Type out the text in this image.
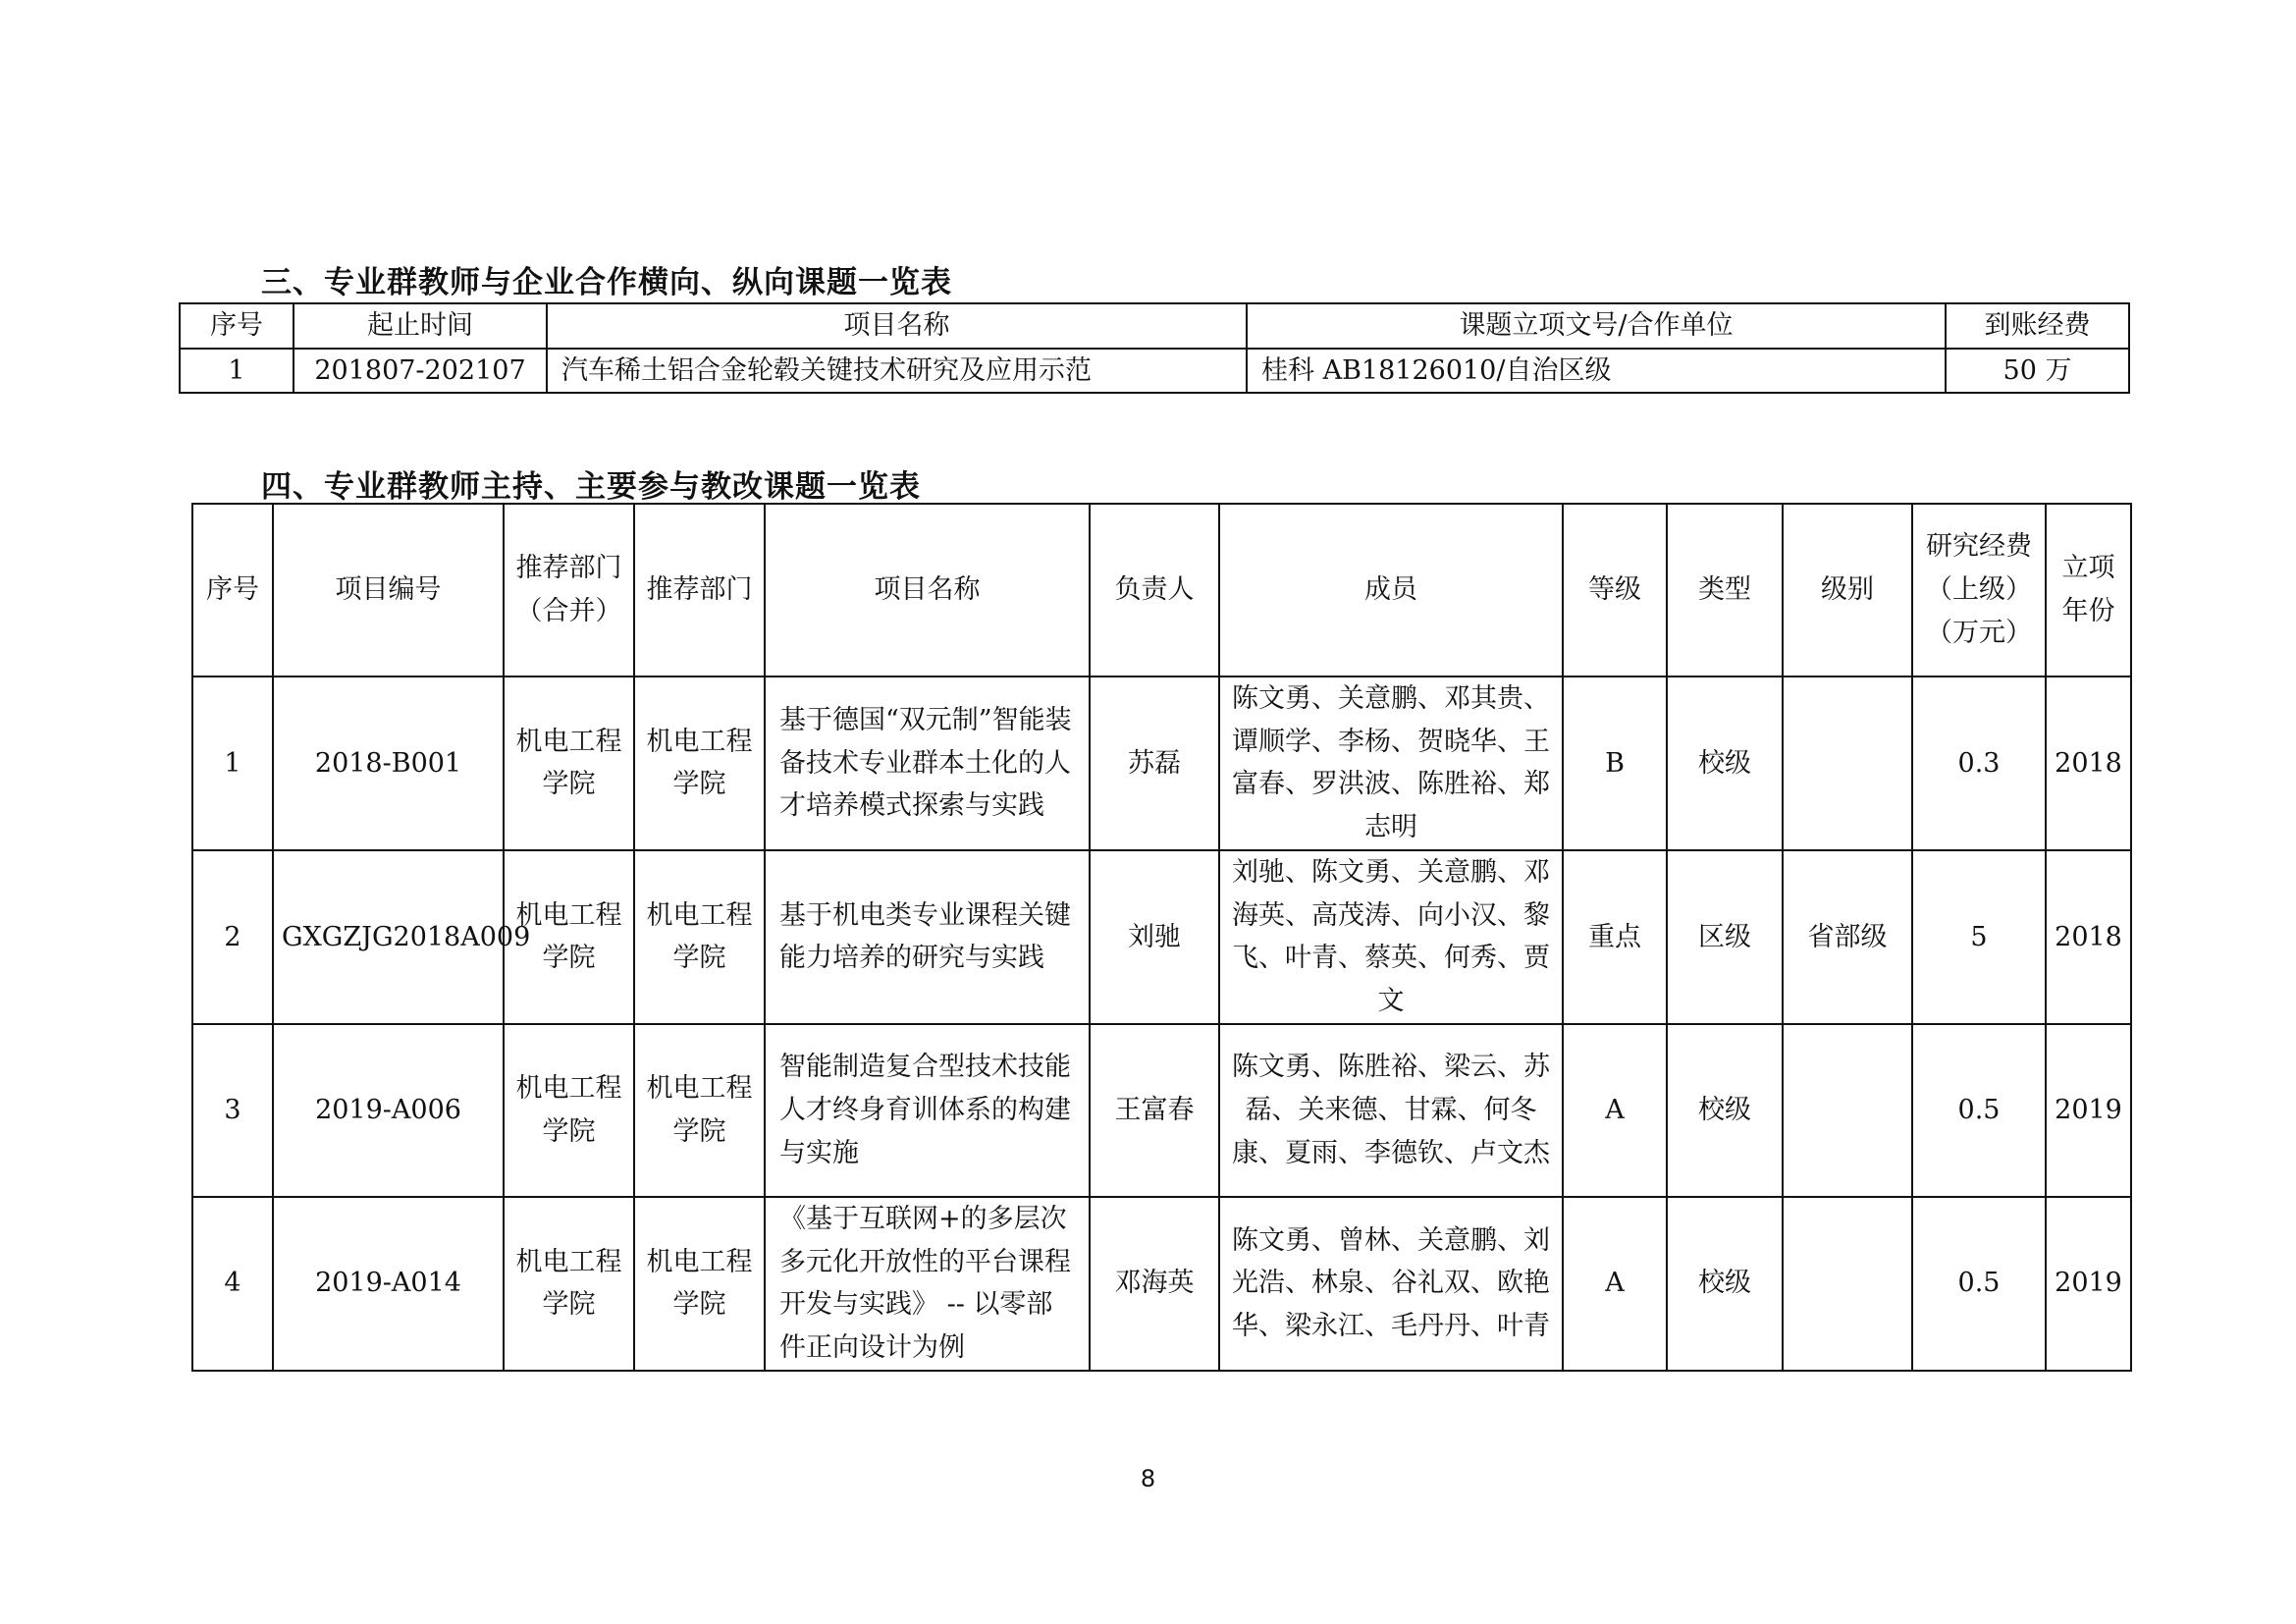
三、专业群教师与企业合作横向、纵向课题一览表
序号	起止时间	项目名称	课题立项文号/合作单位	到账经费
1	201807-202107	汽车稀土铝合金轮毂关键技术研究及应用示范	桂科 AB18126010/自治区级	50 万
四、专业群教师主持、主要参与教改课题一览表
序号	项目编号	推荐部门（合并）	推荐部门	项目名称	负责人	成员	等级	类型	级别	研究经费（上级）（万元）	立项年份
1	2018-B001	机电工程学院	机电工程学院	基于德国“双元制”智能装备技术专业群本土化的人才培养模式探索与实践	苏磊	陈文勇、关意鹏、邓其贵、谭顺学、李杨、贺晓华、王富春、罗洪波、陈胜裕、郑志明	B	校级		0.3	2018
2	GXGZJG2018A009	机电工程学院	机电工程学院	基于机电类专业课程关键能力培养的研究与实践	刘驰	刘驰、陈文勇、关意鹏、邓海英、高茂涛、向小汉、黎飞、叶青、蔡英、何秀、贾文	重点	区级	省部级	5	2018
3	2019-A006	机电工程学院	机电工程学院	智能制造复合型技术技能人才终身育训体系的构建与实施	王富春	陈文勇、陈胜裕、梁云、苏磊、关来德、甘霖、何冬康、夏雨、李德钦、卢文杰	A	校级		0.5	2019
4	2019-A014	机电工程学院	机电工程学院	《基于互联网+的多层次多元化开放性的平台课程开发与实践》 -- 以零部件正向设计为例	邓海英	陈文勇、曾林、关意鹏、刘光浩、林泉、谷礼双、欧艳华、梁永江、毛丹丹、叶青	A	校级		0.5	2019
8
